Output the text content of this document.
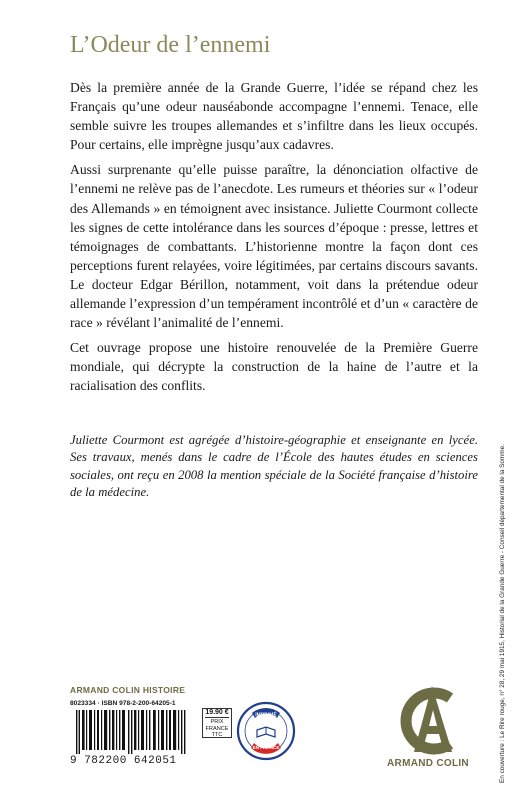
L’Odeur de l’ennemi

Dès la première année de la Grande Guerre, l’idée se répand chez les Français qu’une odeur nauséabonde accompagne l’ennemi. Tenace, elle semble suivre les troupes allemandes et s’infiltre dans les lieux occupés. Pour certains, elle imprègne jusqu’aux cadavres.

Aussi surprenante qu’elle puisse paraître, la dénonciation olfactive de l’ennemi ne relève pas de l’anecdote. Les rumeurs et théories sur « l’odeur des Allemands » en témoignent avec insistance. Juliette Courmont collecte les signes de cette intolérance dans les sources d’époque : presse, lettres et témoignages de combattants. L’historienne montre la façon dont ces perceptions furent relayées, voire légitimées, par certains discours savants. Le docteur Edgar Bérillon, notamment, voit dans la prétendue odeur allemande l’expression d’un tempérament incontrôlé et d’un « caractère de race » révélant l’animalité de l’ennemi.

Cet ouvrage propose une histoire renouvelée de la Première Guerre mondiale, qui décrypte la construction de la haine de l’autre et la racialisation des conflits.

Juliette Courmont est agrégée d’histoire-géographie et enseignante en lycée. Ses travaux, menés dans le cadre de l’École des hautes études en sciences sociales, ont reçu en 2008 la mention spéciale de la Société française d’histoire de la médecine.

ARMAND COLIN HISTOIRE
8023334 · ISBN 978-2-200-64205-1
9 782200 642051
19.90 €
PRIX
FRANCE
TTC
IMPRIMÉ
EN FRANCE
ARMAND COLIN	En couverture : Le Rire rouge, n° 28, 29 mai 1915, Historial de la Grande Guerre - Conseil départemental de la Somme.
